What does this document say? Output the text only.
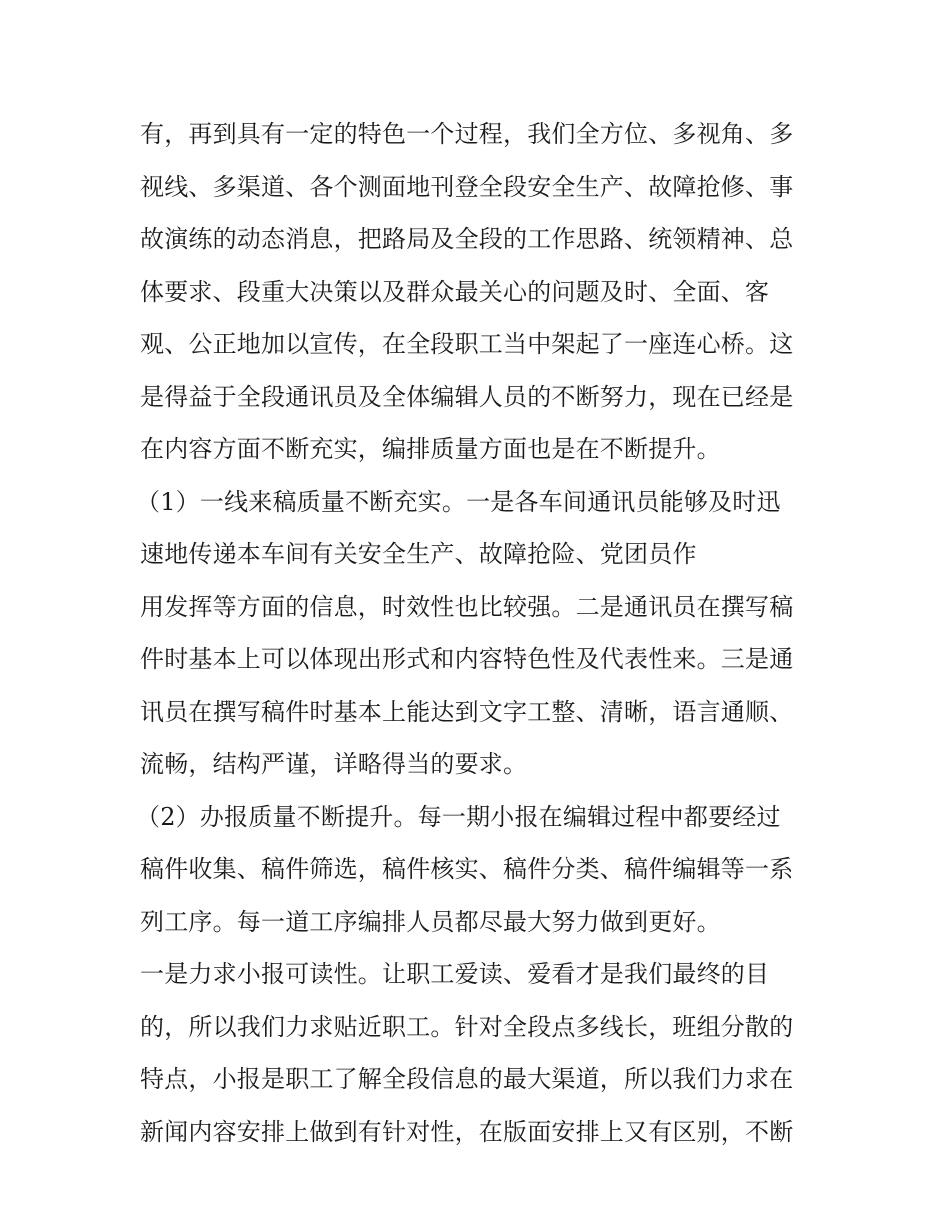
有，再到具有一定的特色一个过程，我们全方位、多视角、多
视线、多渠道、各个测面地刊登全段安全生产、故障抢修、事
故演练的动态消息，把路局及全段的工作思路、统领精神、总
体要求、段重大决策以及群众最关心的问题及时、全面、客
观、公正地加以宣传，在全段职工当中架起了一座连心桥。这
是得益于全段通讯员及全体编辑人员的不断努力，现在已经是
在内容方面不断充实，编排质量方面也是在不断提升。
（1）一线来稿质量不断充实。一是各车间通讯员能够及时迅
速地传递本车间有关安全生产、故障抢险、党团员作
用发挥等方面的信息，时效性也比较强。二是通讯员在撰写稿
件时基本上可以体现出形式和内容特色性及代表性来。三是通
讯员在撰写稿件时基本上能达到文字工整、清晰，语言通顺、
流畅，结构严谨，详略得当的要求。
（2）办报质量不断提升。每一期小报在编辑过程中都要经过
稿件收集、稿件筛选，稿件核实、稿件分类、稿件编辑等一系
列工序。每一道工序编排人员都尽最大努力做到更好。
一是力求小报可读性。让职工爱读、爱看才是我们最终的目
的，所以我们力求贴近职工。针对全段点多线长，班组分散的
特点，小报是职工了解全段信息的最大渠道，所以我们力求在
新闻内容安排上做到有针对性，在版面安排上又有区别，不断
